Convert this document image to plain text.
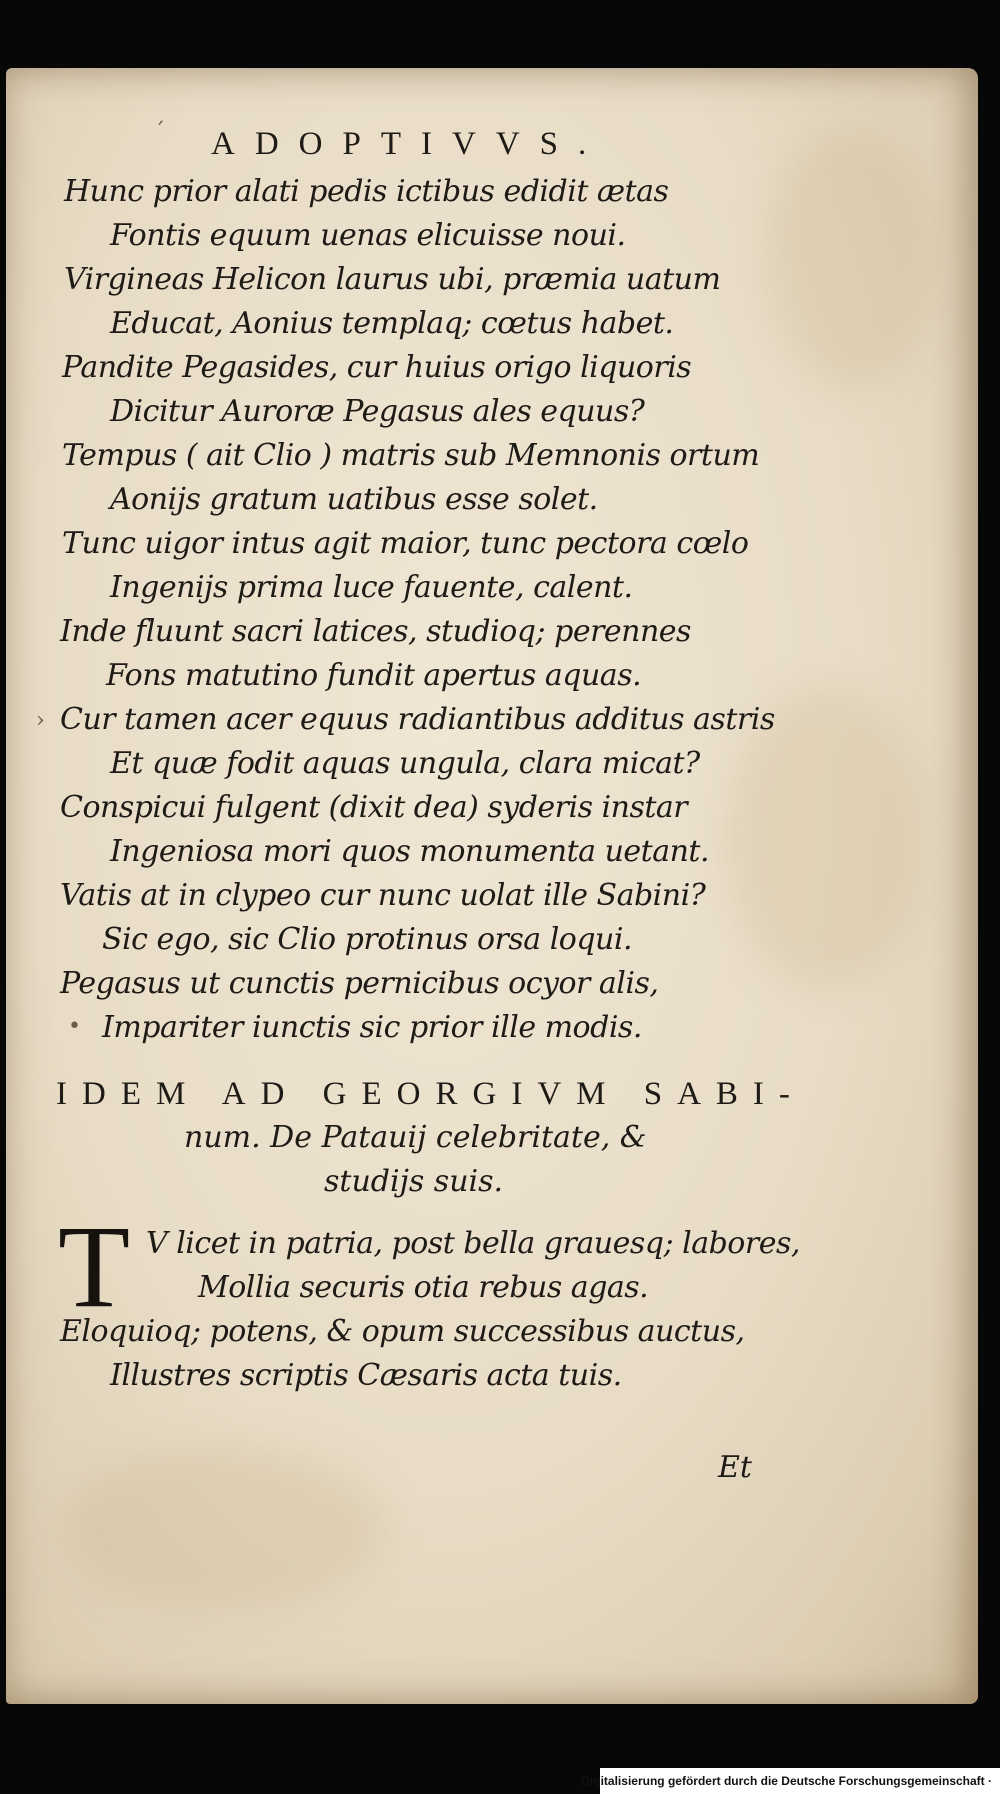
´ ADOPTIVVS.
Hunc prior alati pedis ictibus edidit ætas
Fontis equum uenas elicuisse noui.
Virgineas Helicon laurus ubi, præmia uatum
Educat, Aonius templaq; cœtus habet.
Pandite Pegasides, cur huius origo liquoris
Dicitur Auroræ Pegasus ales equus?
Tempus ( ait Clio ) matris sub Memnonis ortum
Aonijs gratum uatibus esse solet.
Tunc uigor intus agit maior, tunc pectora cœlo
Ingenijs prima luce fauente, calent.
Inde fluunt sacri latices, studioq; perennes
Fons matutino fundit apertus aquas.
› Cur tamen acer equus radiantibus additus astris
Et quæ fodit aquas ungula, clara micat?
Conspicui fulgent (dixit dea) syderis instar
Ingeniosa mori quos monumenta uetant.
Vatis at in clypeo cur nunc uolat ille Sabini?
Sic ego, sic Clio protinus orsa loqui.
Pegasus ut cunctis pernicibus ocyor alis,
• Impariter iunctis sic prior ille modis.
IDEM AD GEORGIVM SABI-
num. De Patauij celebritate, &
studijs suis.
T V licet in patria, post bella grauesq; labores,
Mollia securis otia rebus agas.
Eloquioq; potens, & opum successibus auctus,
Illustres scriptis Cæsaris acta tuis.
Et
Digitalisierung gefördert durch die Deutsche Forschungsgemeinschaft ·
